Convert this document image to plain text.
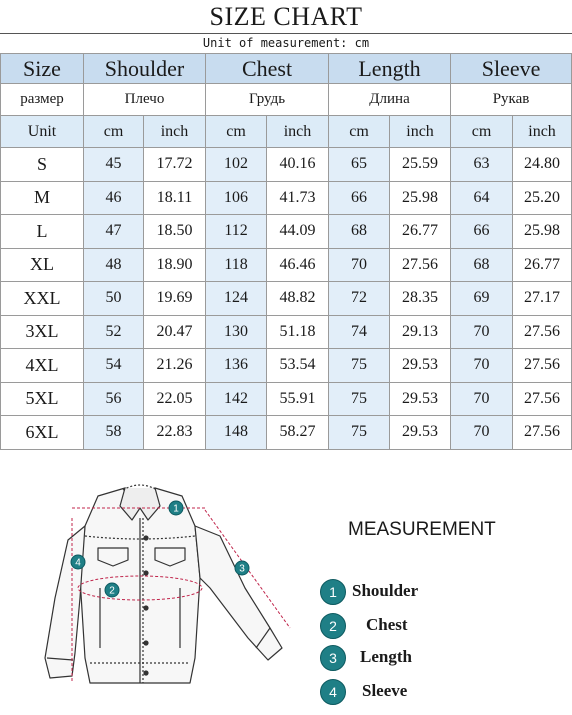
SIZE CHART
Unit of measurement: cm
Size	Shoulder		Chest		Length		Sleeve	
размер	Плечо		Грудь		Длина		Рукав	
Unit	cm	inch	cm	inch	cm	inch	cm	inch
S	45	17.72	102	40.16	65	25.59	63	24.80
M	46	18.11	106	41.73	66	25.98	64	25.20
L	47	18.50	112	44.09	68	26.77	66	25.98
XL	48	18.90	118	46.46	70	27.56	68	26.77
XXL	50	19.69	124	48.82	72	28.35	69	27.17
3XL	52	20.47	130	51.18	74	29.13	70	27.56
4XL	54	21.26	136	53.54	75	29.53	70	27.56
5XL	56	22.05	142	55.91	75	29.53	70	27.56
6XL	58	22.83	148	58.27	75	29.53	70	27.56
1
2
3
4
MEASUREMENT
1 Shoulder
2	Chest
3	Length
4	Sleeve
